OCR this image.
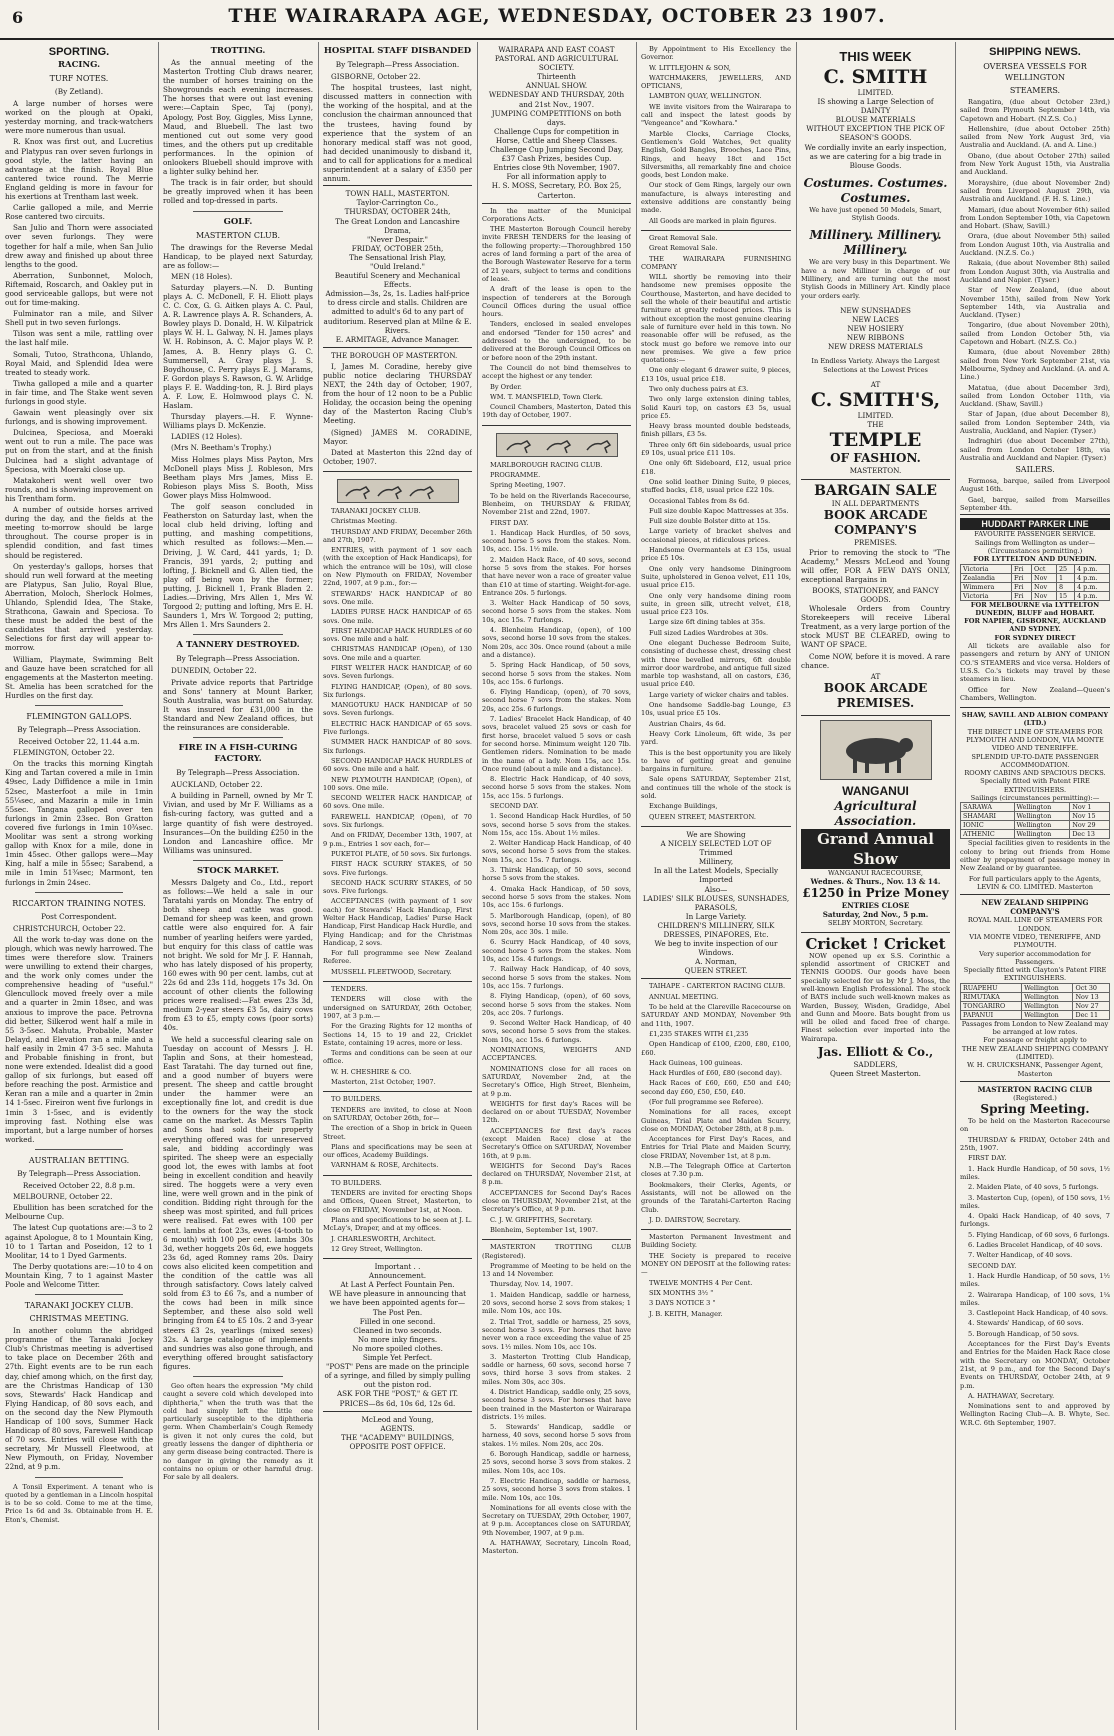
6	THE WAIRARAPA AGE, WEDNESDAY, OCTOBER 23 1907.
SPORTING.
RACING.
TURF NOTES.
(By Zetland).
A large number of horses were worked on the plough at Opaki, yesterday morning, and track-watchers were more numerous than usual.
R. Knox was first out, and Lucretius and Platypus ran over seven furlongs in good style, the latter having an advantage at the finish. Royal Blue cantered twice round. The Merrie England gelding is more in favour for his exertions at Trentham last week.
Carlie galloped a mile, and Merrie Rose cantered two circuits.
San Julio and Thorn were associated over seven furlongs. They were together for half a mile, when San Julio drew away and finished up about three lengths to the good.
Aberration, Sunbonnet, Moloch, Riftemaid, Roscarch, and Oakley put in good serviceable gallops, but were not out for time-making.
Fulminator ran a mile, and Silver Shell put in two seven furlongs.
Tilson was sent a mile, rattling over the last half mile.
Somali, Tutoo, Strathcona, Uhlando, Royal Maid, and Splendid Idea were treated to steady work.
Tiwha galloped a mile and a quarter in fair time, and The Stake went seven furlongs in good style.
Gawain went pleasingly over six furlongs, and is showing improvement.
Dulcinea, Speciosa, and Moeraki went out to run a mile. The pace was put on from the start, and at the finish Dulcinea had a slight advantage of Speciosa, with Moeraki close up.
Matakoheri went well over two rounds, and is showing improvement on his Trentham form.
A number of outside horses arrived during the day, and the fields at the meeting to-morrow should be large throughout. The course proper is in splendid condition, and fast times should be registered.
On yesterday's gallops, horses that should run well forward at the meeting are Platypus, San Julio, Royal Blue, Aberration, Moloch, Sherlock Holmes, Uhlando, Splendid Idea, The Stake, Strathcona, Gawain and Speciosa. To these must be added the best of the candidates that arrived yesterday. Selections for first day will appear to-morrow.
William, Playmate, Swimming Belt and Gauze have been scratched for all engagements at the Masterton meeting. St. Amelia has been scratched for the Hurdles on the first day.
FLEMINGTON GALLOPS.
By Telegraph—Press Association.
Received October 22, 11.44 a.m.
FLEMINGTON, October 22.
On the tracks this morning Kingtah King and Tartan covered a mile in 1min 49sec, Lady Diffidence a mile in 1min 52sec, Masterfoot a mile in 1min 55¼sec, and Mazarin a mile in 1min 55sec. Tangana galloped over ten furlongs in 2min 23sec. Bon Gratton covered five furlongs in 1min 10¾sec. Moolitar was sent a strong working gallop with Knox for a mile, done in 1min 45sec. Other gallops were—May King, half a mile in 55sec; Sarabend, a mile in 1min 51¾sec; Marmont, ten furlongs in 2min 24sec.
RICCARTON TRAINING NOTES.
Post Correspondent.
CHRISTCHURCH, October 22.
All the work to-day was done on the plough, which was newly harrowed. The times were therefore slow. Trainers were unwilling to extend their charges, and the work only comes under the comprehensive heading of "useful." Glencullock moved freely over a mile and a quarter in 2min 18sec, and was anxious to improve the pace. Petrovna did better, Silkerod went half a mile in 55 3-5sec. Mahuta, Probable, Master Delayd, and Elevation ran a mile and a half easily in 2min 47 3-5 sec. Mahuta and Probable finishing in front, but none were extended. Idealist did a good gallop of six furlongs, but eased off before reaching the post. Armistice and Keran ran a mile and a quarter in 2min 14 1-5sec. Fireiron went five furlongs in 1min 3 1-5sec, and is evidently improving fast. Nothing else was important, but a large number of horses worked.
AUSTRALIAN BETTING.
By Telegraph—Press Association.
Received October 22, 8.8 p.m.
MELBOURNE, October 22.
Ebullition has been scratched for the Melbourne Cup.
The latest Cup quotations are:—3 to 2 against Apologue, 8 to 1 Mountain King, 10 to 1 Tartan and Poseidon, 12 to 1 Moolitar, 14 to 1 Dyed Garments.
The Derby quotations are:—10 to 4 on Mountain King, 7 to 1 against Master Poole and Welcome Titter.
TARANAKI JOCKEY CLUB.
CHRISTMAS MEETING.
In another column the abridged programme of the Taranaki Jockey Club's Christmas meeting is advertised to take place on December 26th and 27th. Eight events are to be run each day, chief among which, on the first day, are the Christmas Handicap of 130 sovs, Stewards' Hack Handicap and Flying Handicap, of 80 sovs each, and on the second day the New Plymouth Handicap of 100 sovs, Summer Hack Handicap of 80 sovs, Farewell Handicap of 70 sovs. Entries will close with the secretary, Mr Mussell Fleetwood, at New Plymouth, on Friday, November 22nd, at 9 p.m.
A Tonsil Experiment. A tenant who is quoted by a gentleman in a Lincoln hospital is to be so cold. Come to me at the time, Price 1s 6d and 3s. Obtainable from H. E. Eton's, Chemist.
TROTTING.
As the annual meeting of the Masterton Trotting Club draws nearer, the number of horses training on the Showgrounds each evening increases. The horses that were out last evening were:—Captain Spec, Taj (pony), Apology, Post Boy, Giggles, Miss Lynne, Maud, and Bluebell. The last two mentioned cut out some very good times, and the others put up creditable performances. In the opinion of onlookers Bluebell should improve with a lighter sulky behind her.
The track is in fair order, but should be greatly improved when it has been rolled and top-dressed in parts.
GOLF.
MASTERTON CLUB.
The drawings for the Reverse Medal Handicap, to be played next Saturday, are as follow:—
MEN (18 Holes).
Saturday players.—N. D. Bunting plays A. C. McDonell, F. H. Eliott plays C. C. Cox, G. G. Aitken plays A. C. Paul, A. R. Lawrence plays A. R. Schanders, A. Bowley plays D. Donald, H. W. Kilpatrick plays W. H. L. Galway, N. H. James plays W. H. Robinson, A. C. Major plays W. P. James, A. B. Henry plays G. C. Summersell, A. Gray plays J. S. Boydhouse, C. Perry plays E. J. Marams, F. Gordon plays S. Rawson, G. W. Arlidge plays F. E. Wadding-ton, R. J. Bird plays A. F. Low, E. Holmwood plays C. N. Haslam.
Thursday players.—H. F. Wynne-Williams plays D. McKenzie.
LADIES (12 Holes).
(Mrs N. Beetham's Trophy.)
Miss Holmes plays Miss Payton, Mrs McDonell plays Miss J. Robleson, Mrs Beetham plays Mrs James, Miss E. Robieson plays Miss S. Booth, Miss Gower plays Miss Holmwood.
The golf season concluded in Featherston on Saturday last, when the local club held driving, lofting and putting, and mashing competitions, which resulted as follows:—Men.—Driving, J. W. Card, 441 yards, 1; D. Francis, 391 yards, 2; putting and lofting, J. Bicknell and G. Allen tied, the play off being won by the former; putting, J. Bicknell 1, Frank Bladen 2. Ladies.—Driving, Mrs Allen 1, Mrs W. Torgood 2; putting and lofting, Mrs E. H. Saunders 1, Mrs W. Torgood 2; putting, Mrs Allen 1. Mrs Saunders 2.
A TANNERY DESTROYED.
By Telegraph—Press Association.
DUNEDIN, October 22.
Private advice reports that Partridge and Sons' tannery at Mount Barker, South Australia, was burnt on Saturday. It was insured for £31,000 in the Standard and New Zealand offices, but the reinsurances are considerable.
FIRE IN A FISH-CURING FACTORY.
By Telegraph—Press Association.
AUCKLAND, October 22.
A building in Parnell, owned by Mr T. Vivian, and used by Mr F. Williams as a fish-curing factory, was gutted and a large quantity of fish were destroyed. Insurances—On the building £250 in the London and Lancashire office. Mr Williams was uninsured.
STOCK MARKET.
Messrs Dalgety and Co., Ltd., report as follows:—We held a sale in our Taratahi yards on Monday. The entry of both sheep and cattle was good. Demand for sheep was keen, and grown cattle were also enquired for. A fair number of yearling heifers were yarded, but enquiry for this class of cattle was not bright. We sold for Mr J. F. Hannah, who has lately disposed of his property, 160 ewes with 90 per cent. lambs, cut at 22s 6d and 23s 11d, hoggets 17s 3d. On account of other clients the following prices were realised:—Fat ewes 23s 3d, medium 2-year steers £3 5s, dairy cows from £3 to £5, empty cows (poor sorts) 40s.
We held a successful clearing sale on Tuesday on account of Messrs J. H. Taplin and Sons, at their homestead, East Taratahi. The day turned out fine, and a good number of buyers were present. The sheep and cattle brought under the hammer were an exceptionally fine lot, and credit is due to the owners for the way the stock came on the market. As Messrs Taplin and Sons had sold their property everything offered was for unreserved sale, and bidding accordingly was spirited. The sheep were an especially good lot, the ewes with lambs at foot being in excellent condition and heavily sired. The hoggets were a very even line, were well grown and in the pink of condition. Bidding right through for the sheep was most spirited, and full prices were realised. Fat ewes with 100 per cent. lambs at foot 23s, ewes (4-tooth to 6 mouth) with 100 per cent. lambs 30s 3d, wether hoggets 20s 6d, ewe hoggets 23s 6d, aged Romney rams 20s. Dairy cows also elicited keen competition and the condition of the cattle was all through satisfactory. Cows lately calved sold from £3 to £6 7s, and a number of the cows had been in milk since September, and these also sold well bringing from £4 to £5 10s. 2 and 3-year steers £3 2s, yearlings (mixed sexes) 32s. A large catalogue of implements and sundries was also gone through, and everything offered brought satisfactory figures.
Geo often hears the expression "My child caught a severe cold which developed into diphtheria," when the truth was that the cold had simply left the little one particularly susceptible to the diphtheria germ. When Chamberlain's Cough Remedy is given it not only cures the cold, but greatly lessens the danger of diphtheria or any germ disease being contracted. There is no danger in giving the remedy as it contains no opium or other harmful drug. For sale by all dealers.
HOSPITAL STAFF DISBANDED
By Telegraph—Press Association.
GISBORNE, October 22.
The hospital trustees, last night, discussed matters in connection with the working of the hospital, and at the conclusion the chairman announced that the trustees, having found by experience that the system of an honorary medical staff was not good, had decided unanimously to disband it, and to call for applications for a medical superintendent at a salary of £350 per annum.
TOWN HALL, MASTERTON.
Taylor-Carrington Co.,
THURSDAY, OCTOBER 24th,
The Great London and Lancashire Drama,
"Never Despair."
FRIDAY, OCTOBER 25th,
The Sensational Irish Play,
"Ould Ireland."
Beautiful Scenery and Mechanical Effects.
Admission—3s, 2s, 1s. Ladies half-price to dress circle and stalls. Children are admitted to adult's 6d to any part of auditorium. Reserved plan at Milne & E. Rivers.
E. ARMITAGE, Advance Manager.
THE BOROUGH OF MASTERTON.
I, James M. Coradine, hereby give public notice declaring THURSDAY NEXT, the 24th day of October, 1907, from the hour of 12 noon to be a Public Holiday, the occasion being the opening day of the Masterton Racing Club's Meeting.
(Signed) JAMES M. CORADINE, Mayor.
Dated at Masterton this 22nd day of October, 1907.
TARANAKI JOCKEY CLUB.
Christmas Meeting.
THURSDAY AND FRIDAY, December 26th and 27th, 1907.
ENTRIES, with payment of 1 sov each (with the exception of Hack Handicaps), for which the entrance will be 10s), will close on New Plymouth on FRIDAY, November 22nd, 1907, at 9 p.m., for:—
STEWARDS' HACK HANDICAP of 80 sovs. One mile.
LADIES PURSE HACK HANDICAP of 65 sovs. One mile.
FIRST HANDICAP HACK HURDLES of 60 sovs. One mile and a half.
CHRISTMAS HANDICAP (Open), of 130 sovs. One mile and a quarter.
FIRST WELTER HACK HANDICAP, of 60 sovs. Seven furlongs.
FLYING HANDICAP, (Open), of 80 sovs. Six furlongs.
MANGOTUKU HACK HANDICAP of 50 sovs. Seven furlongs.
ELECTRIC HACK HANDICAP of 65 sovs. Five furlongs.
SUMMER HACK HANDICAP of 80 sovs. Six furlongs.
SECOND HANDICAP HACK HURDLES of 60 sovs. One mile and a half.
NEW PLYMOUTH HANDICAP, (Open), of 100 sovs. One mile.
SECOND WELTER HACK HANDICAP, of 60 sovs. One mile.
FAREWELL HANDICAP, (Open), of 70 sovs. Six furlongs.
And on FRIDAY, December 13th, 1907, at 9 p.m., Entries 1 sov each, for—
PUKETOI PLATE, of 50 sovs. Six furlongs.
FIRST HACK SCURRY STAKES, of 50 sovs. Five furlongs.
SECOND HACK SCURRY STAKES, of 50 sovs. Five furlongs.
ACCEPTANCES (with payment of 1 sov each) for Stewards' Hack Handicap, First Welter Hack Handicap, Ladies' Purse Hack Handicap, First Handicap Hack Hurdle, and Flying Handicap; and for the Christmas Handicap, 2 sovs.
For full programme see New Zealand Referee.
MUSSELL FLEETWOOD, Secretary.
TENDERS.
TENDERS will close with the undersigned on SATURDAY, 26th October, 1907, at 3 p.m.—
For the Grazing Rights for 12 months of Sections 14, 15 to 19 and 22, Cricklet Estate, containing 19 acres, more or less.
Terms and conditions can be seen at our office.
W. H. CHESHIRE & CO.
Masterton, 21st October, 1907.
TO BUILDERS.
TENDERS are invited, to close at Noon on SATURDAY, October 26th, for—
The erection of a Shop in brick in Queen Street.
Plans and specifications may be seen at our offices, Academy Buildings.
VARNHAM & ROSE, Architects.
TO BUILDERS.
TENDERS are invited for erecting Shops and Offices, Queen Street, Masterton, to close on FRIDAY, November 1st, at Noon.
Plans and specifications to be seen at J. L. McLay's, Draper, and at my offices.
J. CHARLESWORTH, Architect.
12 Grey Street, Wellington.
Important . .
Announcement.
At Last A Perfect Fountain Pen.
WE have pleasure in announcing that we have been appointed agents for—
The Post Pen.
Filled in one second.
Cleaned in two seconds.
No more inky fingers.
No more spoiled clothes.
Simple Yet Perfect.
"POST" Pens are made on the principle of a syringe, and filled by simply pulling out the piston rod.
ASK FOR THE "POST," & GET IT.
PRICES—8s 6d, 10s 6d, 12s 6d.
McLeod and Young,
AGENTS.
THE "ACADEMY" BUILDINGS,
OPPOSITE POST OFFICE.
WAIRARAPA AND EAST COAST PASTORAL AND AGRICULTURAL SOCIETY.
Thirteenth
ANNUAL SHOW.
WEDNESDAY AND THURSDAY, 20th and 21st Nov., 1907.
JUMPING COMPETITIONS on both days.
Challenge Cups for competition in Horse, Cattle and Sheep Classes.
Challenge Cup Jumping Second Day, £37 Cash Prizes, besides Cup.
Entries close 9th November, 1907.
For all information apply to
H. S. MOSS, Secretary, P.O. Box 25, Carterton.
In the matter of the Municipal Corporations Acts.
THE Masterton Borough Council hereby invite FRESH TENDERS for the leasing of the following property:—Thoroughbred 150 acres of land forming a part of the area of the Borough Wastewater Reserve for a term of 21 years, subject to terms and conditions of lease.
A draft of the lease is open to the inspection of tenderers at the Borough Council Offices during the usual office hours.
Tenders, enclosed in sealed envelopes and endorsed "Tender for 150 acres" and addressed to the undersigned, to be delivered at the Borough Council Offices on or before noon of the 29th instant.
The Council do not bind themselves to accept the highest or any tender.
By Order.
WM. T. MANSFIELD, Town Clerk.
Council Chambers, Masterton, Dated this 19th day of October, 1907.
MARLBOROUGH RACING CLUB.
PROGRAMME.
Spring Meeting, 1907.
To be held on the Riverlands Racecourse, Blenheim, on THURSDAY & FRIDAY, November 21st and 22nd, 1907.
FIRST DAY.
1. Handicap Hack Hurdles, of 50 sovs, second horse 5 sovs from the stakes. Nom. 10s, acc. 15s. 1½ mile.
2. Maiden Hack Race, of 40 sovs, second horse 5 sovs from the stakes. For horses that have never won a race of greater value than £10 at time of starting. Weight-for-age. Entrance 20s. 5 furlongs.
3. Welter Hack Handicap of 50 sovs, second horse 5 sovs from the stakes. Nom 10s, acc 15s. 7 furlongs.
4. Blenheim Handicap, (open), of 100 sovs, second horse 10 sovs from the stakes. Nom 20s, acc 30s. Once round (about a mile and a distance).
5. Spring Hack Handicap, of 50 sovs, second horse 5 sovs from the stakes. Nom 10s, acc 15s. 6 furlongs.
6. Flying Handicap, (open), of 70 sovs, second horse 7 sovs from the stakes. Nom 20s, acc 25s. 6 furlongs.
7. Ladies' Bracelet Hack Handicap, of 40 sovs, bracelet valued 25 sovs or cash for first horse, bracelet valued 5 sovs or cash for second horse. Minimum weight 120 7lb. Gentlemen riders. Nomination to be made in the name of a lady. Nom 15s, acc 15s. Once round (about a mile and a distance).
8. Electric Hack Handicap, of 40 sovs, second horse 5 sovs from the stakes. Nom 15s, acc 15s. 5 furlongs.
SECOND DAY.
1. Second Handicap Hack Hurdles, of 50 sovs, second horse 5 sovs from the stakes. Nom 15s, acc 15s. About 1½ miles.
2. Welter Handicap Hack Handicap, of 40 sovs, second horse 5 sovs from the stakes. Nom 15s, acc 15s. 7 furlongs.
3. Thirsk Handicap, of 50 sovs, second horse 5 sovs from the stakes.
4. Omaka Hack Handicap, of 50 sovs, second horse 5 sovs from the stakes. Nom 10s, acc 15s. 6 furlongs.
5. Marlborough Handicap, (open), of 80 sovs, second horse 10 sovs from the stakes. Nom 20s, acc 30s. 1 mile.
6. Scurry Hack Handicap, of 40 sovs, second horse 5 sovs from the stakes. Nom 10s, acc 15s. 4 furlongs.
7. Railway Hack Handicap, of 40 sovs, second horse 5 sovs from the stakes. Nom 10s, acc 15s. 7 furlongs.
8. Flying Handicap, (open), of 60 sovs, second horse 5 sovs from the stakes. Nom 20s, acc 20s. 7 furlongs.
9. Second Welter Hack Handicap, of 40 sovs, second horse 5 sovs from the stakes. Nom 10s, acc 15s. 6 furlongs.
NOMINATIONS, WEIGHTS AND ACCEPTANCES.
NOMINATIONS close for all races on SATURDAY, November 2nd, at the Secretary's Office, High Street, Blenheim, at 9 p.m.
WEIGHTS for first day's Races will be declared on or about TUESDAY, November 12th.
ACCEPTANCES for first day's races (except Maiden Race) close at the Secretary's Office on SATURDAY, November 16th, at 9 p.m.
WEIGHTS for Second Day's Races declared on THURSDAY, November 21st, at 8 p.m.
ACCEPTANCES for Second Day's Races close on THURSDAY, November 21st, at the Secretary's Office, at 9 p.m.
C. J. W. GRIFFITHS, Secretary.
Blenheim, September 1st, 1907.
MASTERTON TROTTING CLUB (Registered).
Programme of Meeting to be held on the 13 and 14 November.
Thursday, Nov. 14, 1907.
1. Maiden Handicap, saddle or harness, 20 sovs, second horse 2 sovs from stakes; 1 mile. Nom 10s, acc 10s.
2. Trial Trot, saddle or harness, 25 sovs, second horse 3 sovs. For horses that have never won a race exceeding the value of 25 sovs. 1½ miles. Nom 10s, acc 10s.
3. Masterton Trotting Club Handicap, saddle or harness, 60 sovs, second horse 7 sovs, third horse 3 sovs from stakes. 2 miles. Nom 30s, acc 30s.
4. District Handicap, saddle only, 25 sovs, second horse 3 sovs. For horses that have been trained in the Masterton or Wairarapa districts. 1½ miles.
5. Stewards' Handicap, saddle or harness, 40 sovs, second horse 5 sovs from stakes. 1½ miles. Nom 20s, acc 20s.
6. Borough Handicap, saddle or harness, 25 sovs, second horse 3 sovs from stakes. 2 miles. Nom 10s, acc 10s.
7. Electric Handicap, saddle or harness, 25 sovs, second horse 3 sovs from stakes. 1 mile. Nom 10s, acc 10s.
Nominations for all events close with the Secretary on TUESDAY, 29th October, 1907, at 9 p.m. Acceptances close on SATURDAY, 9th November, 1907, at 9 p.m.
A. HATHAWAY, Secretary, Lincoln Road, Masterton.
By Appointment to His Excellency the Governor.
W. LITTLEJOHN & SON,
WATCHMAKERS, JEWELLERS, AND OPTICIANS,
LAMBTON QUAY, WELLINGTON.
WE invite visitors from the Wairarapa to call and inspect the latest goods by "Vengeance" and "Kowhara."
Marble Clocks, Carriage Clocks, Gentlemen's Gold Watches, 9ct quality English, Gold Bangles, Brooches, Lace Pins, Rings, and heavy 18ct and 15ct Silversmiths, all remarkably fine and choice goods, best London make.
Our stock of Gem Rings, largely our own manufacture, is always interesting and extensive additions are constantly being made.
All Goods are marked in plain figures.
Great Removal Sale.
Great Removal Sale.
THE WAIRARAPA FURNISHING COMPANY
WILL shortly be removing into their handsome new premises opposite the Courthouse, Masterton, and have decided to sell the whole of their beautiful and artistic furniture at greatly reduced prices. This is without exception the most genuine clearing sale of furniture ever held in this town. No reasonable offer will be refused, as the stock must go before we remove into our new premises. We give a few price quotations:—
One only elegant 6 drawer suite, 9 pieces, £13 10s, usual price £18.
Two only duchess pairs at £3.
Two only large extension dining tables, Solid Kauri top, on castors £3 5s, usual price £5.
Heavy brass mounted double bedsteads, finish pillars, £3 5s.
Three only 6ft 6in sideboards, usual price £9 10s, usual price £11 10s.
One only 6ft Sideboard, £12, usual price £18.
One solid leather Dining Suite, 9 pieces, stuffed backs, £18, usual price £22 10s.
Occasional Tables from 8s 6d.
Full size double Kapoc Mattresses at 35s.
Full size double Bolster ditto at 15s.
Large variety of bracket shelves and occasional pieces, at ridiculous prices.
Handsome Overmantels at £3 15s, usual price £5 10s.
One only very handsome Diningroom Suite, upholstered in Genoa velvet, £11 10s, usual price £15.
One only very handsome dining room suite, in green silk, utrecht velvet, £18, usual price £23 10s.
Large size 6ft dining tables at 35s.
Full sized Ladies Wardrobes at 30s.
One elegant Duchesse Bedroom Suite, consisting of duchesse chest, dressing chest with three bevelled mirrors, 6ft double mirror door wardrobe, and antique full sized marble top washstand, all on castors, £36, usual price £40.
Large variety of wicker chairs and tables.
One handsome Saddle-bag Lounge, £3 10s, usual price £5 10s.
Austrian Chairs, 4s 6d.
Heavy Cork Linoleum, 6ft wide, 3s per yard.
This is the best opportunity you are likely to have of getting great and genuine bargains in furniture.
Sale opens SATURDAY, September 21st, and continues till the whole of the stock is sold.
Exchange Buildings,
QUEEN STREET, MASTERTON.
We are Showing
A NICELY SELECTED LOT OF
Trimmed
Millinery,
In all the Latest Models, Specially Imported
Also—
LADIES' SILK BLOUSES, SUNSHADES, PARASOLS,
In Large Variety.
CHILDREN'S MILLINERY, SILK DRESSES, PINAFORES, Etc.
We beg to invite inspection of our Windows.
A. Norman,
QUEEN STREET.
TAIHAPE - CARTERTON RACING CLUB.
ANNUAL MEETING.
To be held at the Clareville Racecourse on SATURDAY AND MONDAY, November 9th and 11th, 1907.
£1,235 STAKES WITH £1,235
Open Handicap of £100, £200, £80, £100, £60.
Hack Guineas, 100 guineas.
Hack Hurdles of £60, £80 (second day).
Hack Races of £60, £60, £50 and £40; second day £60, £50, £50, £40.
(For full programme see Referee).
Nominations for all races, except Guineas, Trial Plate and Maiden Scurry, close on MONDAY, October 28th, at 8 p.m.
Acceptances for First Day's Races, and Entries for Trial Plate and Maiden Scurry, close FRIDAY, November 1st, at 8 p.m.
N.B.—The Telegraph Office at Carterton closes at 7.30 p.m.
Bookmakers, their Clerks, Agents, or Assistants, will not be allowed on the grounds of the Taratahi-Carterton Racing Club.
J. D. DAIRSTOW, Secretary.
Masterton Permanent Investment and Building Society.
THE Society is prepared to receive MONEY ON DEPOSIT at the following rates:—
TWELVE MONTHS 4 Per Cent.
SIX MONTHS 3½ "
3 DAYS NOTICE 3 "
J. B. KEITH, Manager.
THIS WEEK
C. SMITH
LIMITED.
IS showing a Large Selection of
DAINTY
BLOUSE MATERIALS
WITHOUT EXCEPTION THE PICK OF SEASON'S GOODS.
We cordially invite an early inspection, as we are catering for a big trade in Blouse Goods.
Costumes. Costumes. Costumes.
We have just opened 50 Models, Smart, Stylish Goods.
Millinery. Millinery. Millinery.
We are very busy in this Department. We have a new Milliner in charge of our Millinery, and are turning out the most Stylish Goods in Millinery Art. Kindly place your orders early.
NEW SUNSHADES
NEW LACES
NEW HOSIERY
NEW RIBBONS
NEW DRESS MATERIALS
In Endless Variety. Always the Largest Selections at the Lowest Prices
AT
C. SMITH'S,
LIMITED.
THE
TEMPLE
OF FASHION.
MASTERTON.
BARGAIN SALE
IN ALL DEPARTMENTS
BOOK ARCADE COMPANY'S
PREMISES.
Prior to removing the stock to "The Academy," Messrs McLeod and Young will offer, FOR A FEW DAYS ONLY, exceptional Bargains in
BOOKS, STATIONERY, and FANCY GOODS.
Wholesale Orders from Country Storekeepers will receive Liberal Treatment, as a very large portion of the stock MUST BE CLEARED, owing to WANT OF SPACE.
Come NOW, before it is moved. A rare chance.
AT
BOOK ARCADE PREMISES.
WANGANUI
Agricultural Association.
Grand Annual Show
WANGANUI RACECOURSE,
Wednes. & Thurs., Nov. 13 & 14.
£1250 in Prize Money
ENTRIES CLOSE
Saturday, 2nd Nov., 5 p.m.
SELBY MORTON, Secretary.
Cricket ! Cricket
NOW opened up ex S.S. Corinthic a splendid assortment of CRICKET and TENNIS GOODS. Our goods have been specially selected for us by Mr J. Moss, the well-known English Professional. The stock of BATS include such well-known makes as Warden, Bussey, Wisden, Gradidge, Abel and Gunn and Moore. Bats bought from us will be oiled and faced free of charge. Finest selection ever imported into the Wairarapa.
Jas. Elliott & Co.,
SADDLERS,
Queen Street Masterton.
SHIPPING NEWS.
OVERSEA VESSELS FOR WELLINGTON
STEAMERS.
Rangatira, (due about October 23rd,) sailed from Plymouth September 14th, via Capetown and Hobart. (N.Z.S. Co.)
Hellenshire, (due about October 25th) sailed from New York August 3rd, via Australia and Auckland. (A. and A. Line.)
Obano, (due about October 27th) sailed from New York August 15th, via Australia and Auckland.
Morayshire, (due about November 2nd) sailed from Liverpool August 29th, via Australia and Auckland. (F. H. S. Line.)
Mamari, (due about November 6th) sailed from London September 10th, via Capetown and Hobart. (Shaw, Savill.)
Orara, (due about November 5th) sailed from London August 10th, via Australia and Auckland. (N.Z.S. Co.)
Rakaia, (due about November 8th) sailed from London August 30th, via Australia and Auckland and Napier. (Tyser.)
Star of New Zealand, (due about November 15th), sailed from New York September 14th, via Australia and Auckland. (Tyser.)
Tongariro, (due about November 20th), sailed from London October 5th, via Capetown and Hobart. (N.Z.S. Co.)
Kumara, (due about November 28th) sailed from New York September 21st, via Melbourne, Sydney and Auckland. (A. and A. Line.)
Matatua, (due about December 3rd), sailed from London October 11th, via Auckland. (Shaw, Savill.)
Star of Japan, (due about December 8), sailed from London September 24th, via Australia, Auckland, and Napier. (Tyser.)
Indraghiri (due about December 27th), sailed from London October 18th, via Australia and Auckland and Napier. (Tyser.)
SAILERS.
Formosa, barque, sailed from Liverpool August 16th.
Gael, barque, sailed from Marseilles September 4th.
HUDDART PARKER LINE
FAVOURITE PASSENGER SERVICE.
Sailings from Wellington as under—(Circumstances permitting.)
FOR LYTTELTON AND DUNEDIN.
Victoria	Fri	Oct	25	4 p.m.
Zealandia	Fri	Nov	1	4 p.m.
Wimmera	Fri	Nov	8	4 p.m.
Victoria	Fri	Nov	15	4 p.m.
FOR MELBOURNE via LYTTELTON DUNEDIN, BLUFF and HOBART.
FOR NAPIER, GISBORNE, AUCKLAND AND SYDNEY.
FOR SYDNEY DIRECT
All tickets are available also for passengers and return by ANY of UNION CO.'S STEAMERS and vice versa. Holders of U.S.S. Co.'s tickets may travel by these steamers in lieu.
Office for New Zealand—Queen's Chambers, Wellington.
SHAW, SAVILL AND ALBION COMPANY (LTD.)
THE DIRECT LINE OF STEAMERS FOR PLYMOUTH AND LONDON, VIA MONTE VIDEO AND TENERIFFE.
SPLENDID UP-TO-DATE PASSENGER ACCOMMODATION.
ROOMY CABINS AND SPACIOUS DECKS.
Specially fitted with Patent FIRE EXTINGUISHERS.
Sailings (circumstances permitting):—
SARAWA	Wellington	Nov 1
SHAMARI	Wellington	Nov 15
IONIC	Wellington	Nov 29
ATHENIC	Wellington	Dec 13
Special facilities given to residents in the colony to bring out friends from Home either by prepayment of passage money in New Zealand or by guarantee.
For full particulars apply to the Agents, LEVIN & CO. LIMITED. Masterton
NEW ZEALAND SHIPPING COMPANY'S
ROYAL MAIL LINE OF STEAMERS FOR LONDON.
VIA MONTE VIDEO, TENERIFFE, AND PLYMOUTH.
Very superior accommodation for Passengers.
Specially fitted with Clayton's Patent FIRE EXTINGUISHERS.
RUAPEHU	Wellington	Oct 30
RIMUTAKA	Wellington	Nov 13
TONGARIRO	Wellington	Nov 27
PAPANUI	Wellington	Dec 11
Passages from London to New Zealand may be arranged at low rates.
For passage or freight apply to
THE NEW ZEALAND SHIPPING COMPANY (LIMITED).
W. H. CRUICKSHANK, Passenger Agent, Masterton
MASTERTON RACING CLUB
(Registered.)
Spring Meeting.
To be held on the Masterton Racecourse on
THURSDAY & FRIDAY, October 24th and 25th, 1907.
FIRST DAY.
1. Hack Hurdle Handicap, of 50 sovs, 1½ miles.
2. Maiden Plate, of 40 sovs, 5 furlongs.
3. Masterton Cup, (open), of 150 sovs, 1½ miles.
4. Opaki Hack Handicap, of 40 sovs, 7 furlongs.
5. Flying Handicap, of 60 sovs, 6 furlongs.
6. Ladies Bracelet Handicap, of 40 sovs.
7. Welter Handicap, of 40 sovs.
SECOND DAY.
1. Hack Hurdle Handicap, of 50 sovs, 1½ miles.
2. Wairarapa Handicap, of 100 sovs, 1¼ miles.
3. Castlepoint Hack Handicap, of 40 sovs.
4. Stewards' Handicap, of 60 sovs.
5. Borough Handicap, of 50 sovs.
Acceptances for the First Day's Events and Entries for the Maiden Hack Race close with the Secretary on MONDAY, October 21st, at 9 p.m., and for the Second Day's Events on THURSDAY, October 24th, at 9 p.m.
A. HATHAWAY, Secretary.
Nominations sent to and approved by Wellington Racing Club—A. B. Whyte, Sec. W.R.C. 6th September, 1907.
